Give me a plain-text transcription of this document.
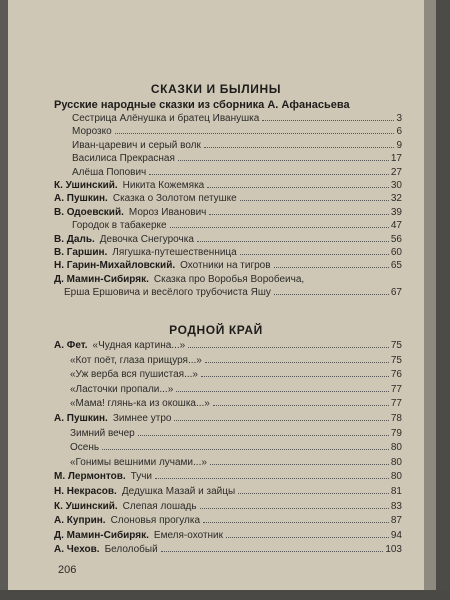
СКАЗКИ И БЫЛИНЫ
Русские народные сказки из сборника А. Афанасьева
Сестрица Алёнушка и братец Иванушка	3
Морозко	6
Иван-царевич и серый волк	9
Василиса Прекрасная	17
Алёша Попович	27
К. Ушинский. Никита Кожемяка	30
А. Пушкин. Сказка о Золотом петушке	32
В. Одоевский. Мороз Иванович	39
Городок в табакерке	47
В. Даль. Девочка Снегурочка	56
В. Гаршин. Лягушка-путешественница	60
Н. Гарин-Михайловский. Охотники на тигров	65
Д. Мамин-Сибиряк. Сказка про Воробья Воробеича,
Ерша Ершовича и весёлого трубочиста Яшу	67
РОДНОЙ КРАЙ
А. Фет. «Чудная картина...»	75
«Кот поёт, глаза прищуря...»	75
«Уж верба вся пушистая...»	76
«Ласточки пропали...»	77
«Мама! глянь-ка из окошка...»	77
А. Пушкин. Зимнее утро	78
Зимний вечер	79
Осень	80
«Гонимы вешними лучами...»	80
М. Лермонтов. Тучи	80
Н. Некрасов. Дедушка Мазай и зайцы	81
К. Ушинский. Слепая лошадь	83
А. Куприн. Слоновья прогулка	87
Д. Мамин-Сибиряк. Емеля-охотник	94
А. Чехов. Белолобый	103
206
